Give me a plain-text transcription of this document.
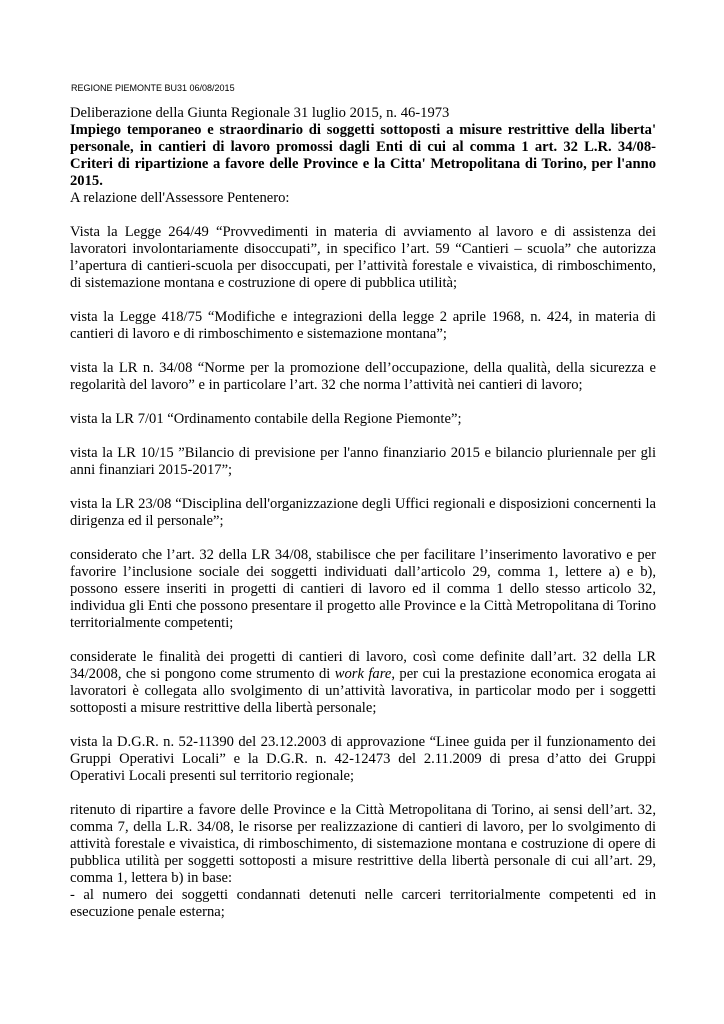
REGIONE PIEMONTE BU31 06/08/2015

Deliberazione della Giunta Regionale 31 luglio 2015, n. 46-1973

Impiego temporaneo e straordinario di soggetti sottoposti a misure restrittive della liberta' personale, in cantieri di lavoro promossi dagli Enti di cui al comma 1 art. 32 L.R. 34/08- Criteri di ripartizione a favore delle Province e la Citta' Metropolitana di Torino, per l'anno 2015.

A relazione dell'Assessore Pentenero:

Vista la Legge 264/49 “Provvedimenti in materia di avviamento al lavoro e di assistenza dei lavoratori involontariamente disoccupati”, in specifico l’art. 59 “Cantieri – scuola” che autorizza l’apertura di cantieri-scuola per disoccupati, per l’attività forestale e vivaistica, di rimboschimento, di sistemazione montana e costruzione di opere di pubblica utilità;

vista la Legge 418/75 “Modifiche e integrazioni della legge 2 aprile 1968, n. 424, in materia di cantieri di lavoro e di rimboschimento e sistemazione montana”;

vista la LR n. 34/08 “Norme per la promozione dell’occupazione, della qualità, della sicurezza e regolarità del lavoro” e in particolare l’art. 32 che norma l’attività nei cantieri di lavoro;

vista la LR 7/01 “Ordinamento contabile della Regione Piemonte”;

vista la LR 10/15 ”Bilancio di previsione per l'anno finanziario 2015 e bilancio pluriennale per gli anni finanziari 2015-2017”;

vista la LR 23/08 “Disciplina dell'organizzazione degli Uffici regionali e disposizioni concernenti la dirigenza ed il personale”;

considerato che l’art. 32 della LR 34/08, stabilisce che per facilitare l’inserimento lavorativo e per favorire l’inclusione sociale dei soggetti individuati dall’articolo 29, comma 1, lettere a) e b), possono essere inseriti in progetti di cantieri di lavoro ed il comma 1 dello stesso articolo 32, individua gli Enti che possono presentare il progetto alle Province e la Città Metropolitana di Torino territorialmente competenti;

considerate le finalità dei progetti di cantieri di lavoro, così come definite dall’art. 32 della LR 34/2008, che si pongono come strumento di work fare, per cui la prestazione economica erogata ai lavoratori è collegata allo svolgimento di un’attività lavorativa, in particolar modo per i soggetti sottoposti a misure restrittive della libertà personale;

vista la D.G.R. n. 52-11390 del 23.12.2003 di approvazione “Linee guida per il funzionamento dei Gruppi Operativi Locali” e la D.G.R. n. 42-12473 del 2.11.2009 di presa d’atto dei Gruppi Operativi Locali presenti sul territorio regionale;

ritenuto di ripartire a favore delle Province e la Città Metropolitana di Torino, ai sensi dell’art. 32, comma 7, della L.R. 34/08, le risorse per realizzazione di cantieri di lavoro, per lo svolgimento di attività forestale e vivaistica, di rimboschimento, di sistemazione montana e costruzione di opere di pubblica utilità per soggetti sottoposti a misure restrittive della libertà personale di cui all’art. 29, comma 1, lettera b) in base:

- al numero dei soggetti condannati detenuti nelle carceri territorialmente competenti ed in esecuzione penale esterna;
